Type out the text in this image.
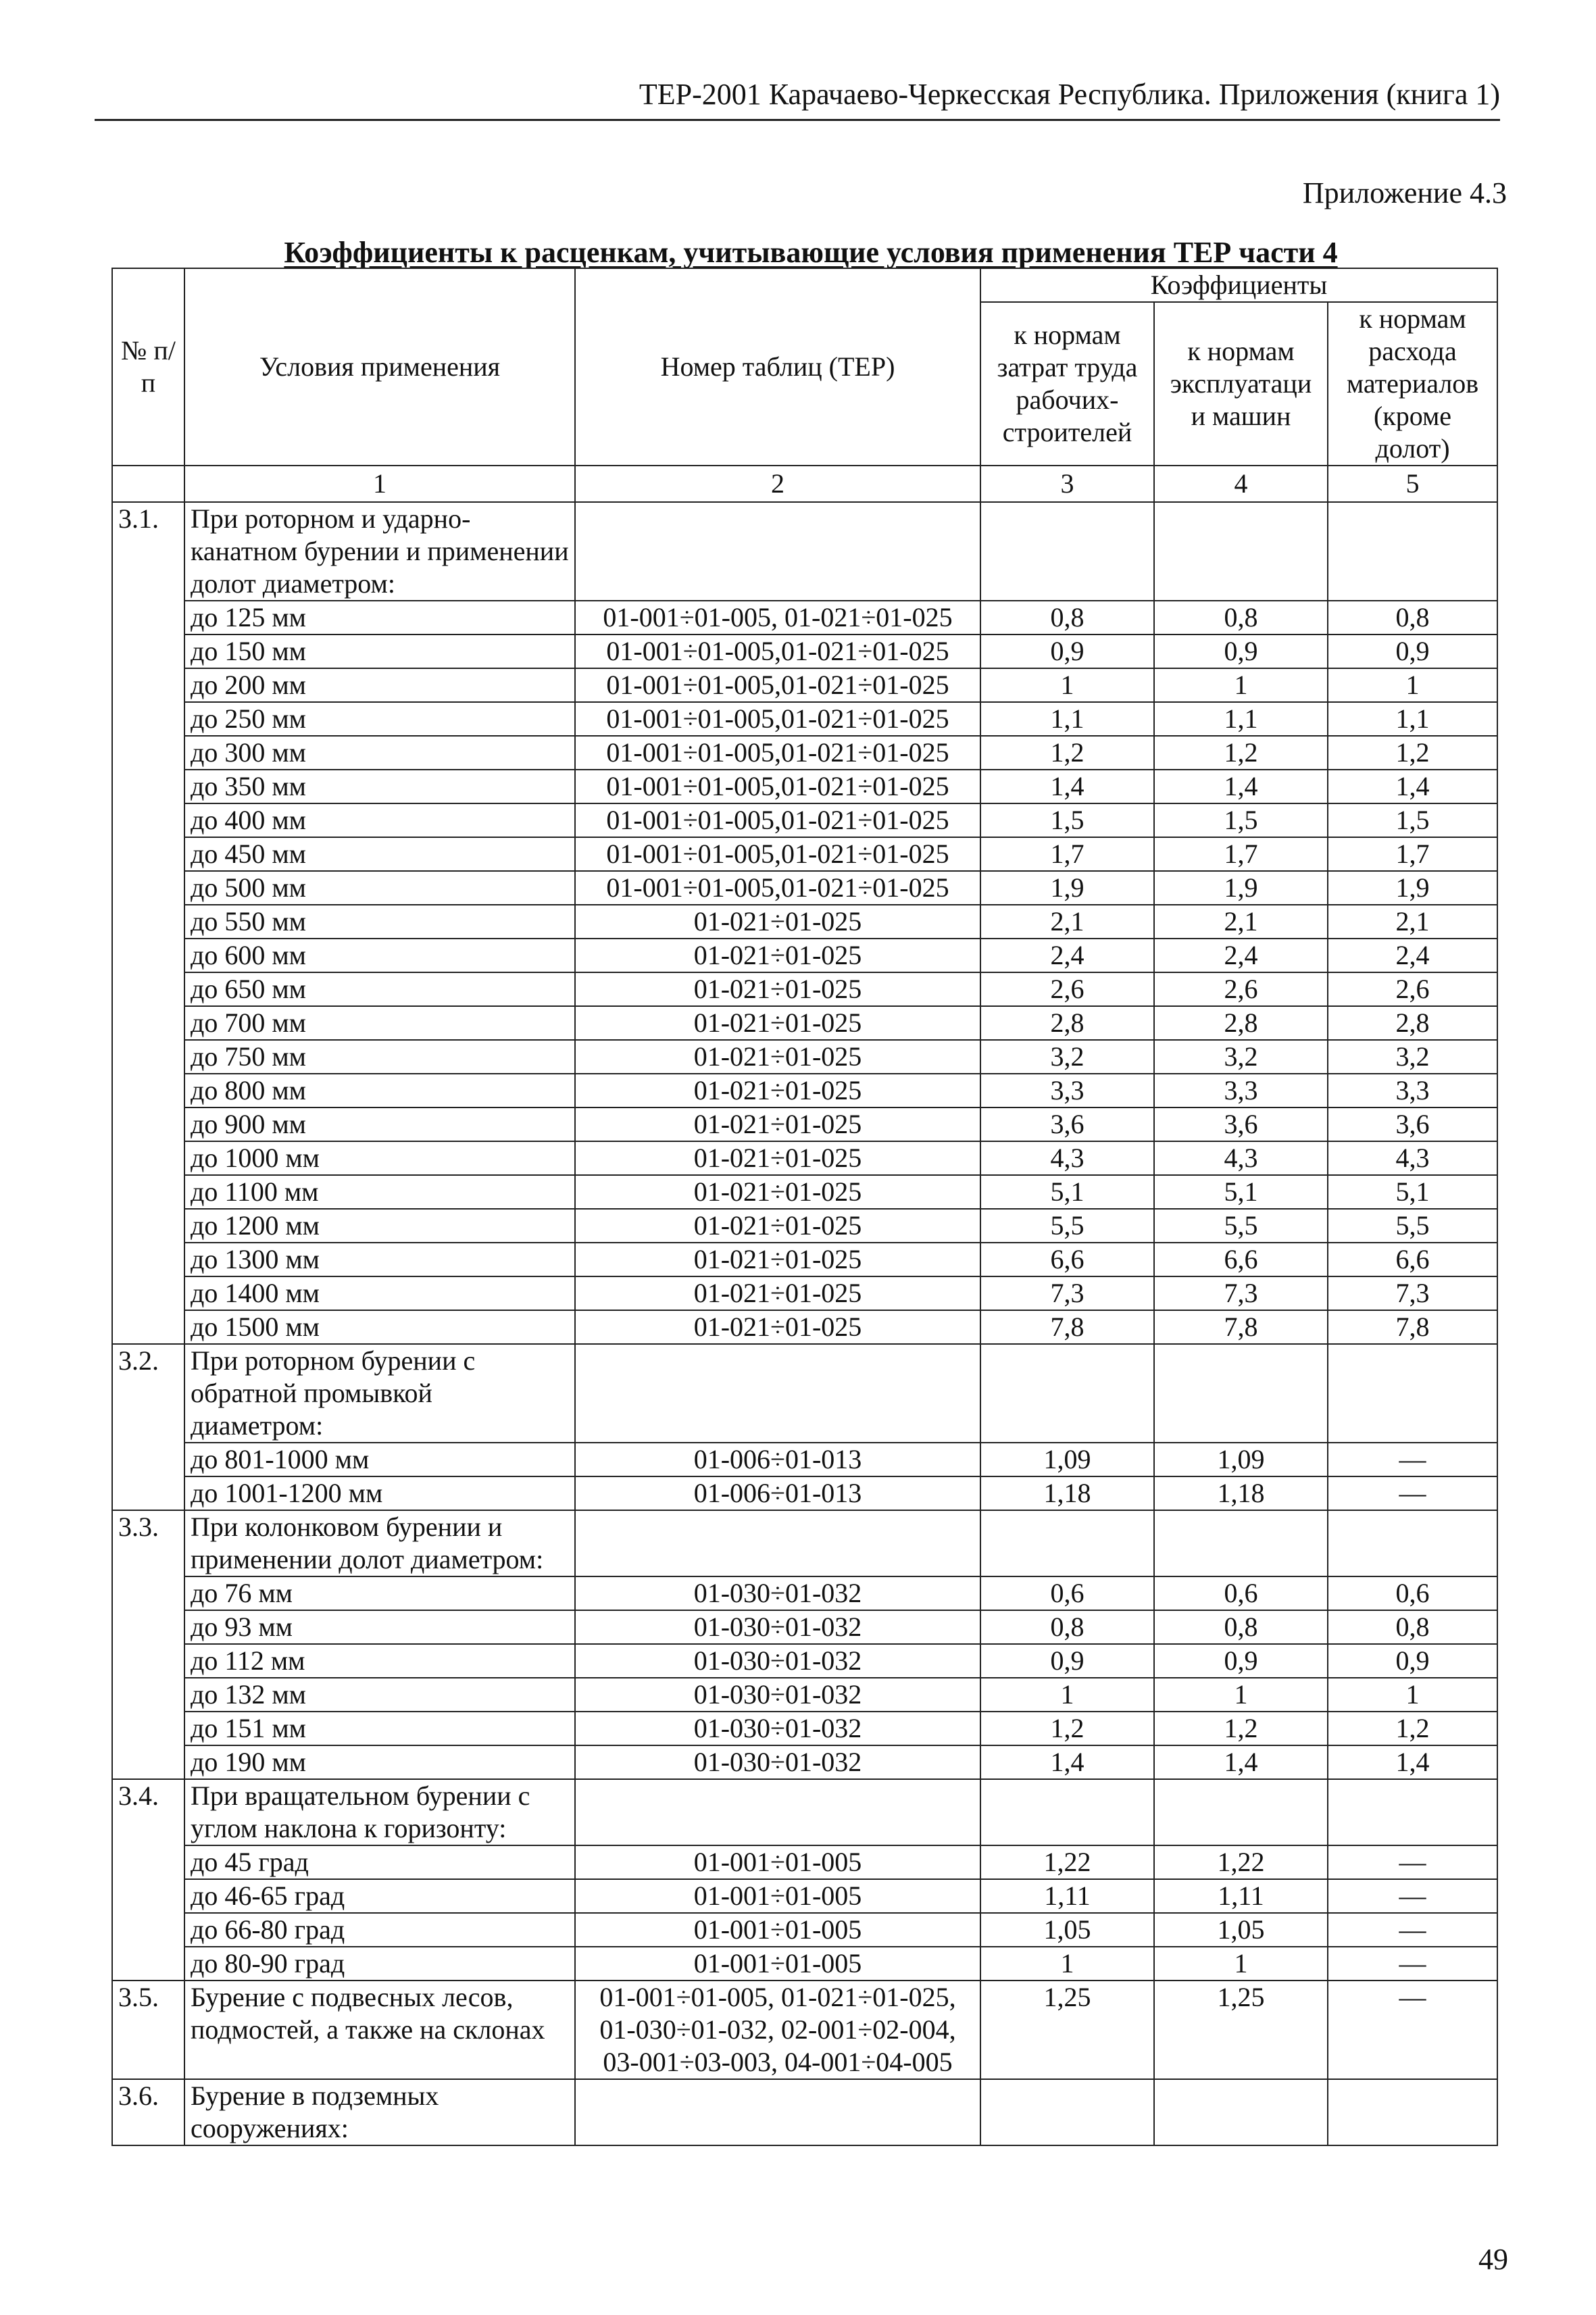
ТЕР-2001 Карачаево-Черкесская Республика. Приложения (книга 1)
Приложение 4.3
Коэффициенты к расценкам, учитывающие условия применения ТЕР части 4
№ п/п	Условия применения	Номер таблиц (ТЕР)	Коэффициенты		
			к нормам затрат труда рабочих-строителей	к нормам эксплуатаци и машин	к нормам расхода материалов (кроме долот)
	1	2	3	4	5
3.1.	При роторном и ударно-канатном бурении и применении долот диаметром:				
	до 125 мм	01-001÷01-005, 01-021÷01-025	0,8	0,8	0,8
	до 150 мм	01-001÷01-005,01-021÷01-025	0,9	0,9	0,9
	до 200 мм	01-001÷01-005,01-021÷01-025	1	1	1
	до 250 мм	01-001÷01-005,01-021÷01-025	1,1	1,1	1,1
	до 300 мм	01-001÷01-005,01-021÷01-025	1,2	1,2	1,2
	до 350 мм	01-001÷01-005,01-021÷01-025	1,4	1,4	1,4
	до 400 мм	01-001÷01-005,01-021÷01-025	1,5	1,5	1,5
	до 450 мм	01-001÷01-005,01-021÷01-025	1,7	1,7	1,7
	до 500 мм	01-001÷01-005,01-021÷01-025	1,9	1,9	1,9
	до 550 мм	01-021÷01-025	2,1	2,1	2,1
	до 600 мм	01-021÷01-025	2,4	2,4	2,4
	до 650 мм	01-021÷01-025	2,6	2,6	2,6
	до 700 мм	01-021÷01-025	2,8	2,8	2,8
	до 750 мм	01-021÷01-025	3,2	3,2	3,2
	до 800 мм	01-021÷01-025	3,3	3,3	3,3
	до 900 мм	01-021÷01-025	3,6	3,6	3,6
	до 1000 мм	01-021÷01-025	4,3	4,3	4,3
	до 1100 мм	01-021÷01-025	5,1	5,1	5,1
	до 1200 мм	01-021÷01-025	5,5	5,5	5,5
	до 1300 мм	01-021÷01-025	6,6	6,6	6,6
	до 1400 мм	01-021÷01-025	7,3	7,3	7,3
	до 1500 мм	01-021÷01-025	7,8	7,8	7,8
3.2.	При роторном бурении с обратной промывкой диаметром:				
	до 801-1000 мм	01-006÷01-013	1,09	1,09	—
	до 1001-1200 мм	01-006÷01-013	1,18	1,18	—
3.3.	При колонковом бурении и применении долот диаметром:				
	до 76 мм	01-030÷01-032	0,6	0,6	0,6
	до 93 мм	01-030÷01-032	0,8	0,8	0,8
	до 112 мм	01-030÷01-032	0,9	0,9	0,9
	до 132 мм	01-030÷01-032	1	1	1
	до 151 мм	01-030÷01-032	1,2	1,2	1,2
	до 190 мм	01-030÷01-032	1,4	1,4	1,4
3.4.	При вращательном бурении с углом наклона к горизонту:				
	до 45 град	01-001÷01-005	1,22	1,22	—
	до 46-65 град	01-001÷01-005	1,11	1,11	—
	до 66-80 град	01-001÷01-005	1,05	1,05	—
	до 80-90 град	01-001÷01-005	1	1	—
3.5.	Бурение с подвесных лесов, подмостей, а также на склонах	01-001÷01-005, 01-021÷01-025, 01-030÷01-032, 02-001÷02-004, 03-001÷03-003, 04-001÷04-005	1,25	1,25	—
3.6.	Бурение в подземных сооружениях:				
49
